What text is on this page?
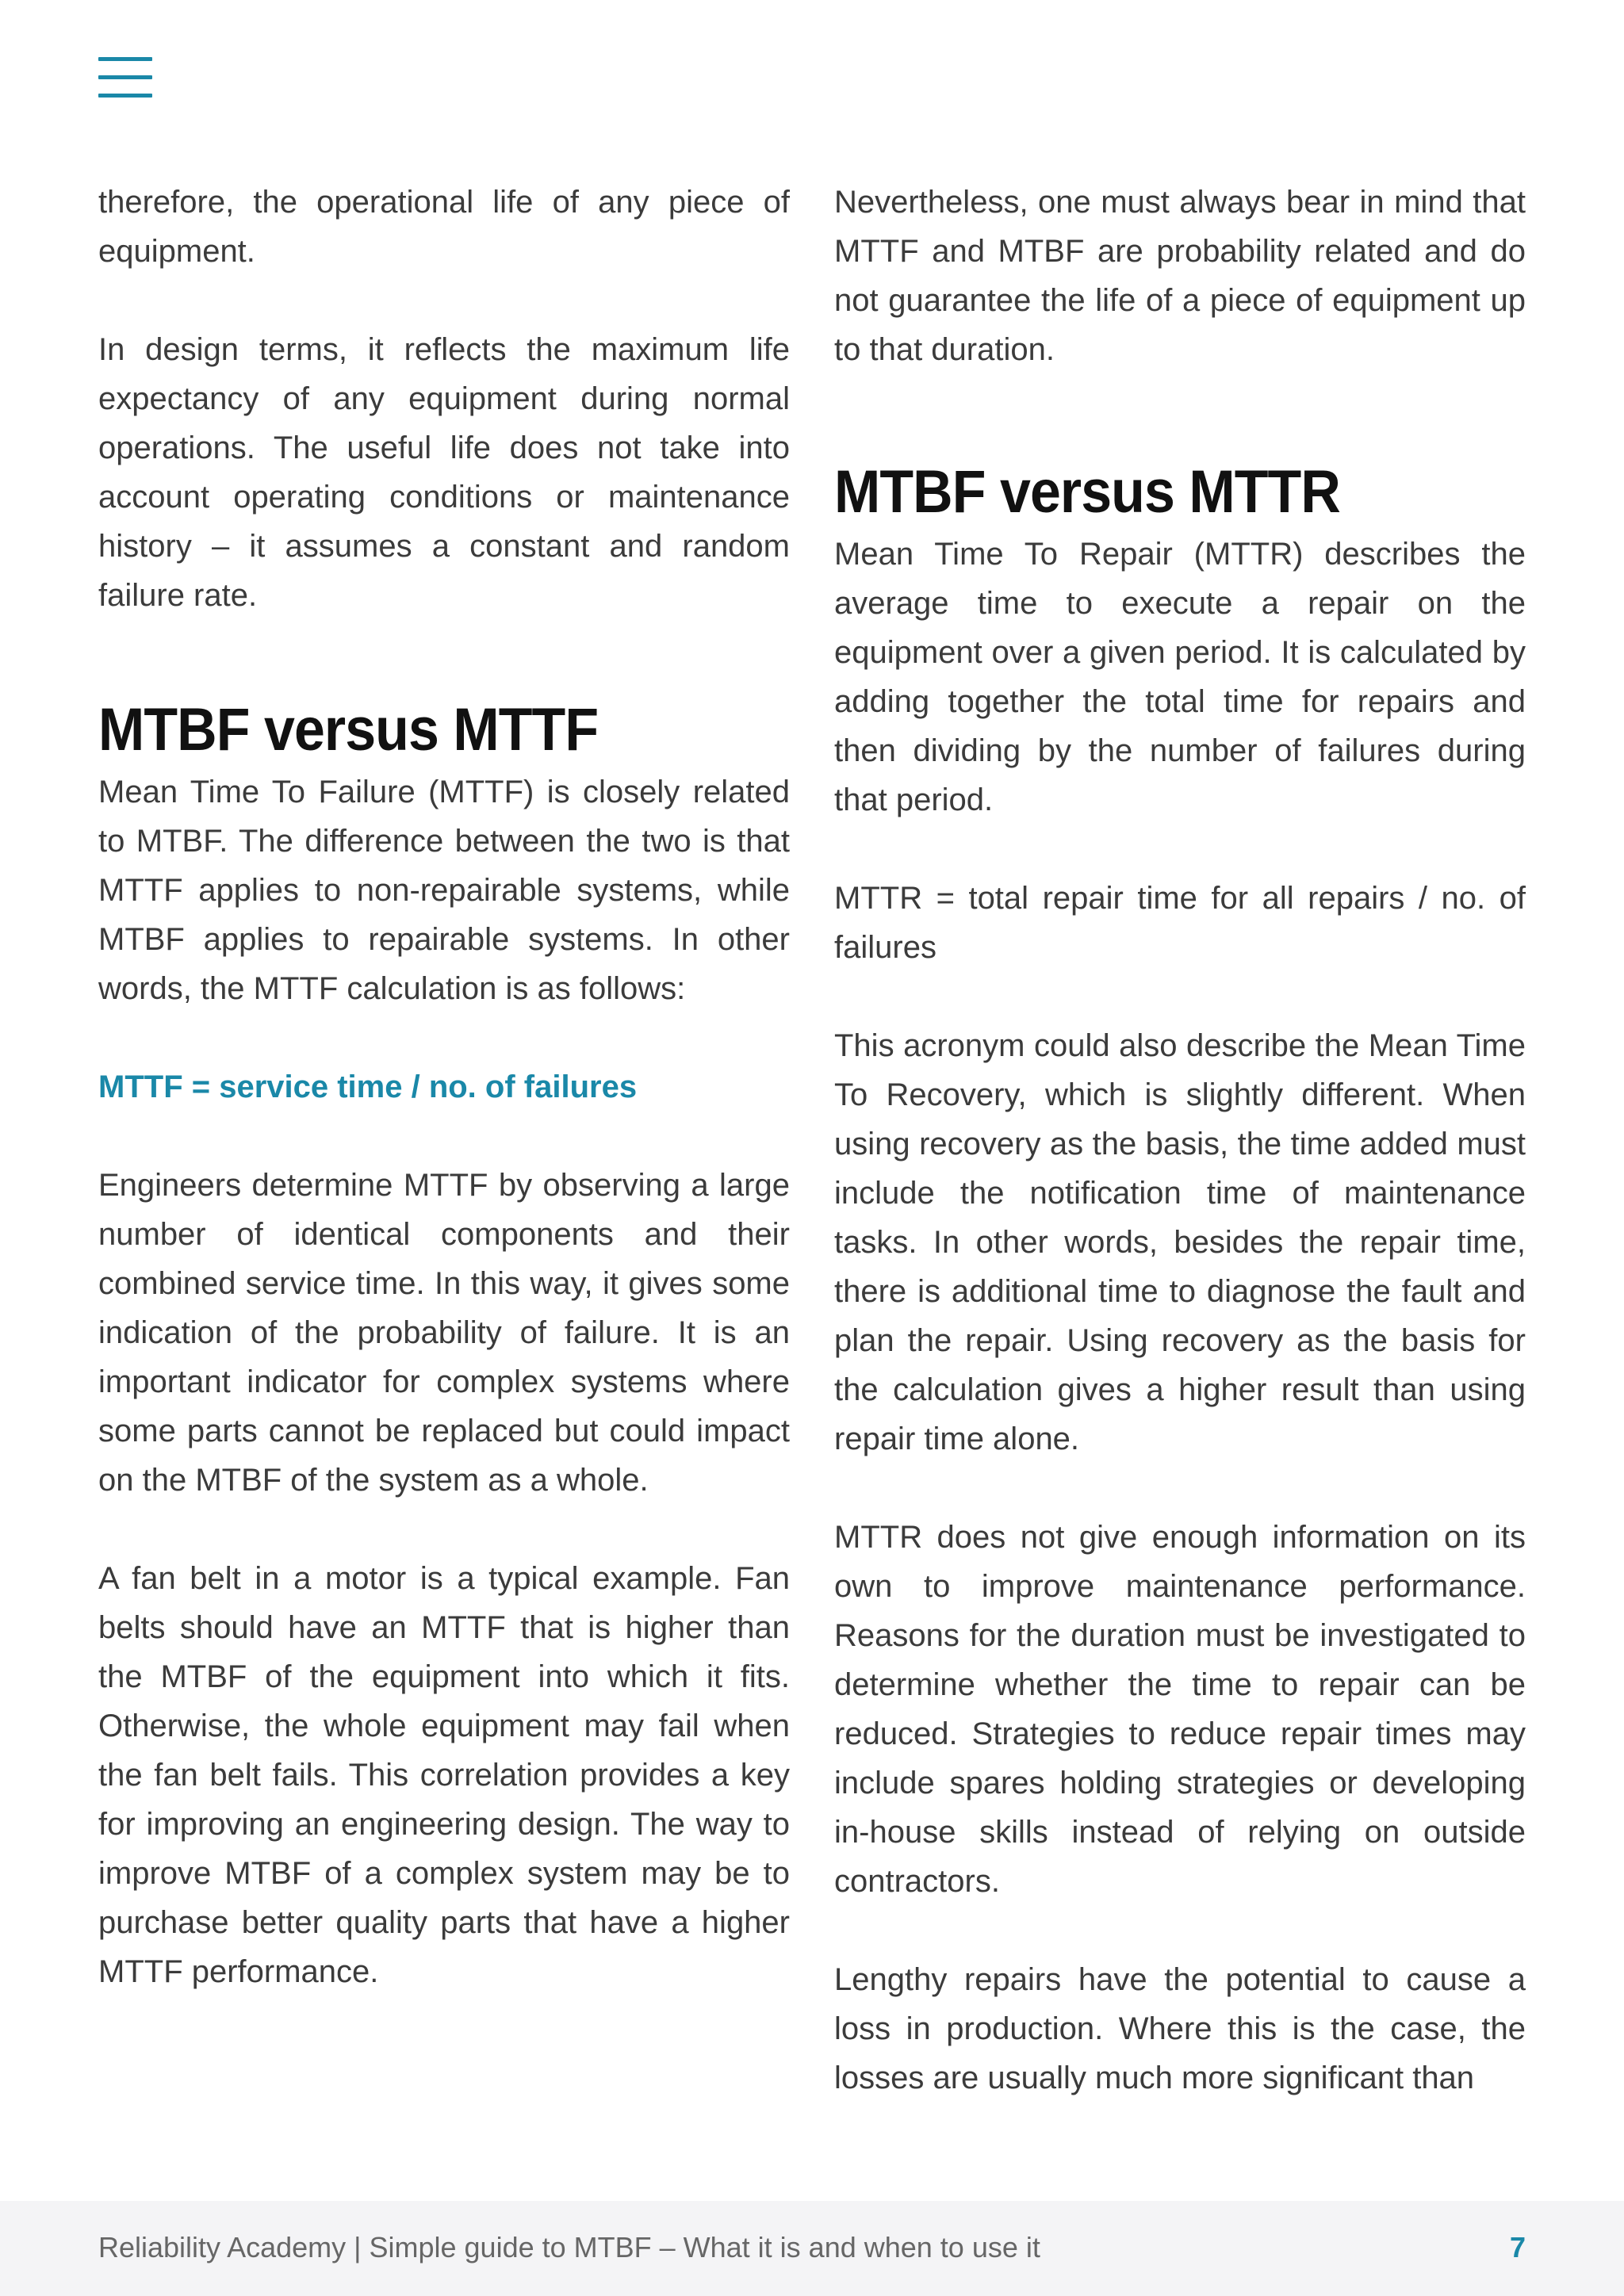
therefore, the operational life of any piece of equipment.

In design terms, it reflects the maximum life expectancy of any equipment during normal operations. The useful life does not take into account operating conditions or maintenance history – it assumes a constant and random failure rate.

MTBF versus MTTF

Mean Time To Failure (MTTF) is closely related to MTBF. The difference between the two is that MTTF applies to non-repairable systems, while MTBF applies to repairable systems. In other words, the MTTF calculation is as follows:

MTTF = service time / no. of failures

Engineers determine MTTF by observing a large number of identical components and their combined service time. In this way, it gives some indication of the probability of failure. It is an important indicator for complex systems where some parts cannot be replaced but could impact on the MTBF of the system as a whole.

A fan belt in a motor is a typical example. Fan belts should have an MTTF that is higher than the MTBF of the equipment into which it fits. Otherwise, the whole equipment may fail when the fan belt fails. This correlation provides a key for improving an engineering design. The way to improve MTBF of a complex system may be to purchase better quality parts that have a higher MTTF performance.

Nevertheless, one must always bear in mind that MTTF and MTBF are probability related and do not guarantee the life of a piece of equipment up to that duration.

MTBF versus MTTR

Mean Time To Repair (MTTR) describes the average time to execute a repair on the equipment over a given period. It is calculated by adding together the total time for repairs and then dividing by the number of failures during that period.

MTTR = total repair time for all repairs / no. of failures

This acronym could also describe the Mean Time To Recovery, which is slightly different. When using recovery as the basis, the time added must include the notification time of maintenance tasks. In other words, besides the repair time, there is additional time to diagnose the fault and plan the repair. Using recovery as the basis for the calculation gives a higher result than using repair time alone.

MTTR does not give enough information on its own to improve maintenance performance. Reasons for the duration must be investigated to determine whether the time to repair can be reduced. Strategies to reduce repair times may include spares holding strategies or developing in-house skills instead of relying on outside contractors.

Lengthy repairs have the potential to cause a loss in production. Where this is the case, the losses are usually much more significant than

Reliability Academy | Simple guide to MTBF – What it is and when to use it	7
